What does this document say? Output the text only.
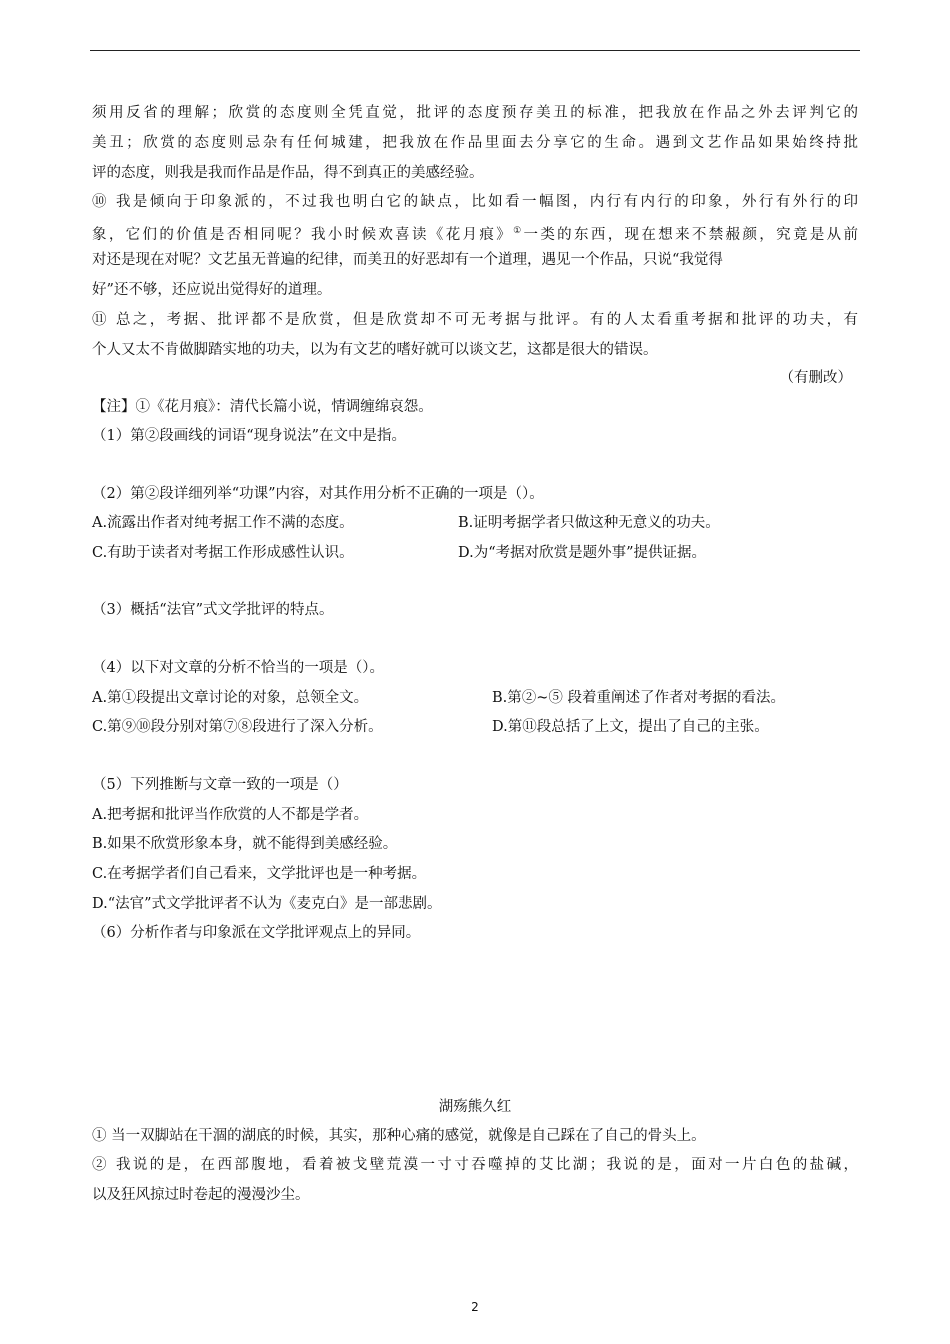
须用反省的理解；欣赏的态度则全凭直觉，批评的态度预存美丑的标准，把我放在作品之外去评判它的
美丑；欣赏的态度则忌杂有任何城建，把我放在作品里面去分享它的生命。遇到文艺作品如果始终持批
评的态度，则我是我而作品是作品，得不到真正的美感经验。
⑩ 我是倾向于印象派的，不过我也明白它的缺点，比如看一幅图，内行有内行的印象，外行有外行的印
象，它们的价值是否相同呢？我小时候欢喜读《花月痕》①一类的东西，现在想来不禁赧颜，究竟是从前
对还是现在对呢？文艺虽无普遍的纪律，而美丑的好恶却有一个道理，遇见一个作品，只说“我觉得
好”还不够，还应说出觉得好的道理。
⑪ 总之，考据、批评都不是欣赏，但是欣赏却不可无考据与批评。有的人太看重考据和批评的功夫，有
个人又太不肯做脚踏实地的功夫，以为有文艺的嗜好就可以谈文艺，这都是很大的错误。
（有删改）
【注】①《花月痕》：清代长篇小说，情调缠绵哀怨。
（1）第②段画线的词语“现身说法”在文中是指。
（2）第②段详细列举“功课”内容，对其作用分析不正确的一项是（）。
A.流露出作者对纯考据工作不满的态度。	B.证明考据学者只做这种无意义的功夫。
C.有助于读者对考据工作形成感性认识。	D.为“考据对欣赏是题外事”提供证据。
（3）概括“法官”式文学批评的特点。
（4）以下对文章的分析不恰当的一项是（）。
A.第①段提出文章讨论的对象，总领全文。	B.第②~⑤ 段着重阐述了作者对考据的看法。
C.第⑨⑩段分别对第⑦⑧段进行了深入分析。	D.第⑪段总括了上文，提出了自己的主张。
（5）下列推断与文章一致的一项是（）
A.把考据和批评当作欣赏的人不都是学者。
B.如果不欣赏形象本身，就不能得到美感经验。
C.在考据学者们自己看来，文学批评也是一种考据。
D.“法官”式文学批评者不认为《麦克白》是一部悲剧。
（6）分析作者与印象派在文学批评观点上的异同。
湖殇熊久红
① 当一双脚站在干涸的湖底的时候，其实，那种心痛的感觉，就像是自己踩在了自己的骨头上。
② 我说的是，在西部腹地，看着被戈壁荒漠一寸寸吞噬掉的艾比湖；我说的是，面对一片白色的盐碱，
以及狂风掠过时卷起的漫漫沙尘。
2
